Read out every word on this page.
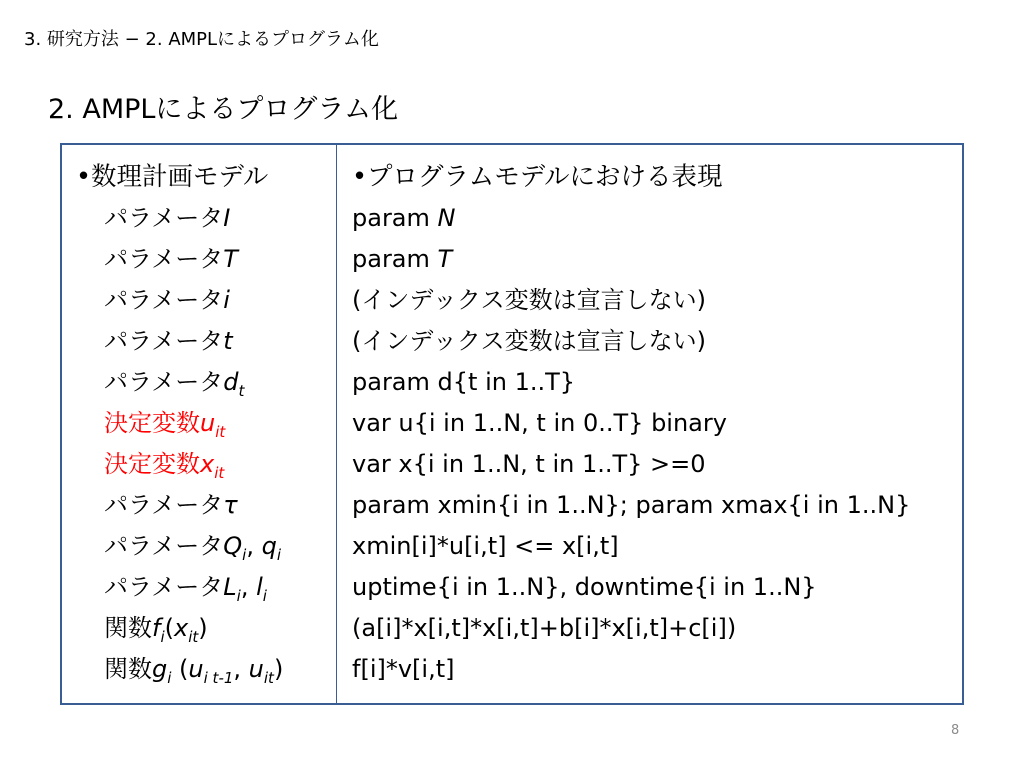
3. 研究方法 − 2. AMPLによるプログラム化
2. AMPLによるプログラム化
•数理計画モデル
パラメータI
パラメータT
パラメータi
パラメータt
パラメータ$d_t$
決定変数$u_{it}$
決定変数$x_{it}$
パラメータτ
パラメータ$Q_i$, $q_i$
パラメータ$L_i$, $l_i$
関数$f_i(x_{it})$
関数$g_i$ ($u_{i t-1}$, $u_{it}$)
•プログラムモデルにおける表現
param N
param T
(インデックス変数は宣言しない)
(インデックス変数は宣言しない)
param d{t in 1..T}
var u{i in 1..N, t in 0..T} binary
var x{i in 1..N, t in 1..T} >=0
param xmin{i in 1..N}; param xmax{i in 1..N}
xmin[i]*u[i,t] <= x[i,t]
uptime{i in 1..N}, downtime{i in 1..N}
(a[i]*x[i,t]*x[i,t]+b[i]*x[i,t]+c[i])
f[i]*v[i,t]
8
